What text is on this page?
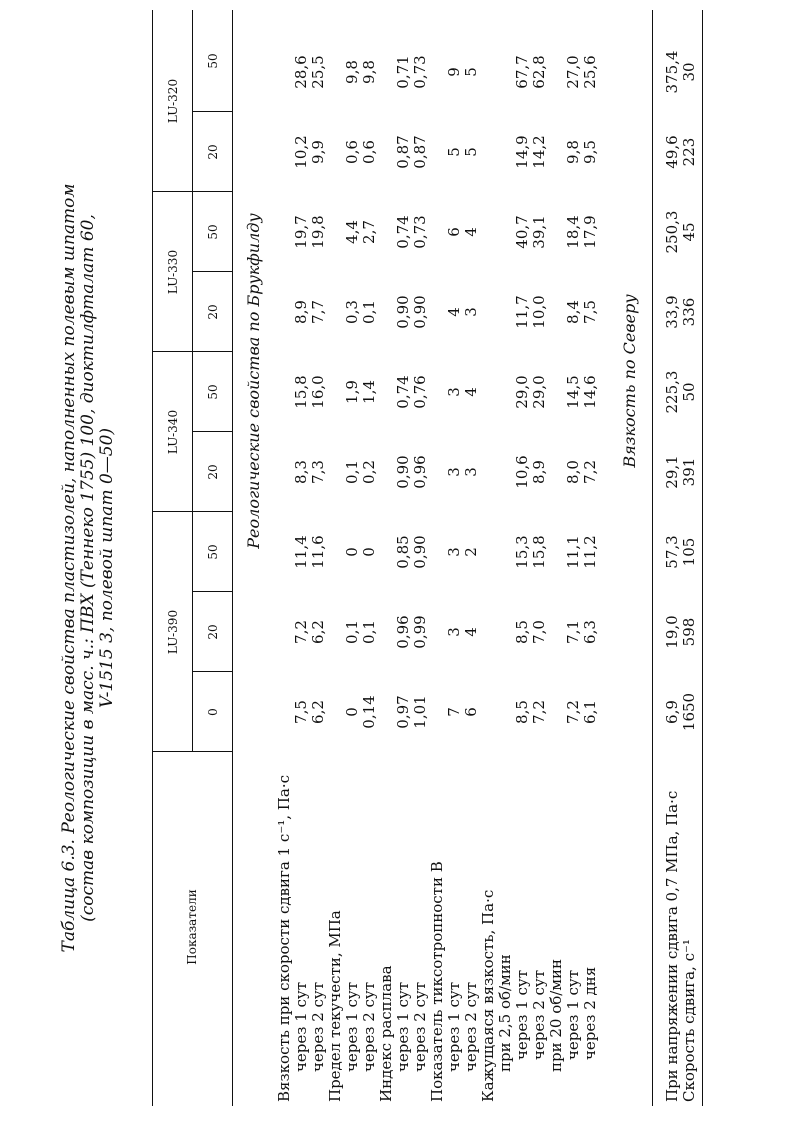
Таблица 6.3. Реологические свойства пластизолей, наполненных полевым шпатом (состав композиции в масс. ч.: ПВХ (Теннеко 1755) 100, диоктилфталат 60, V-1515 3, полевой шпат 0—50)
Показатели
LU-390
LU-340
LU-330
LU-320
0
20
50
20
50
20
50
20
50
Реологические свойства по Брукфилду
Вязкость при скорости сдвига 1 с⁻¹, Па·с через 1 сут через 2 сут Предел текучести, МПа через 1 сут через 2 сут Индекс расплава через 1 сут через 2 сут Показатель тиксотропности B через 1 сут через 2 сут Кажущаяся вязкость, Па·с при 2,5 об/мин через 1 сут через 2 сут при 20 об/мин через 1 сут через 2 дня
7,5 6,2 0 0,14 0,97 1,01 7 6 8,5 7,2 7,2 6,1
7,2 6,2 0,1 0,1 0,96 0,99 3 4 8,5 7,0 7,1 6,3
11,4 11,6 0 0 0,85 0,90 3 2 15,3 15,8 11,1 11,2
8,3 7,3 0,1 0,2 0,90 0,96 3 3 10,6 8,9 8,0 7,2
15,8 16,0 1,9 1,4 0,74 0,76 3 4 29,0 29,0 14,5 14,6
8,9 7,7 0,3 0,1 0,90 0,90 4 3 11,7 10,0 8,4 7,5
19,7 19,8 4,4 2,7 0,74 0,73 6 4 40,7 39,1 18,4 17,9
10,2 9,9 0,6 0,6 0,87 0,87 5 5 14,9 14,2 9,8 9,5
28,6 25,5 9,8 9,8 0,71 0,73 9 5 67,7 62,8 27,0 25,6
Вязкость по Северу
При напряжении сдвига 0,7 МПа, Па·с Скорость сдвига, с⁻¹
6,9 1650
19,0 598
57,3 105
29,1 391
225,3 50
33,9 336
250,3 45
49,6 223
375,4 30
